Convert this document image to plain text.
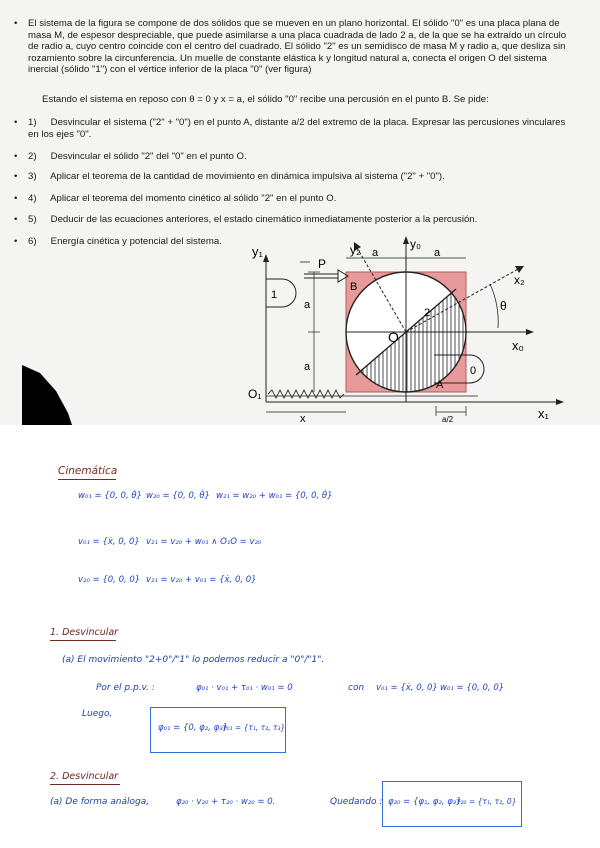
• El sistema de la figura se compone de dos sólidos que se mueven en un plano horizontal. El sólido "0" es una placa plana de masa M, de espesor despreciable, que puede asimilarse a una placa cuadrada de lado 2 a, de la que se ha extraído un círculo de radio a, cuyo centro coincide con el centro del cuadrado. El sólido "2" es un semidisco de masa M y radio a, que desliza sin rozamiento sobre la circunferencia. Un muelle de constante elástica k y longitud natural a, conecta el origen O del sistema inercial (sólido "1") con el vértice inferior de la placa "0" (ver figura)

Estando el sistema en reposo con θ = 0 y x = a, el sólido "0" recibe una percusión en el punto B. Se pide:

• 1) Desvincular el sistema ("2" + "0") en el punto A, distante a/2 del extremo de la placa. Expresar las percusiones vinculares en los ejes "0".
• 2) Desvincular el sólido "2" del "0" en el punto O.
• 3) Aplicar el teorema de la cantidad de movimiento en dinámica impulsiva al sistema ("2" + "0").
• 4) Aplicar el teorema del momento cinético al sólido "2" en el punto O.
• 5) Deducir de las ecuaciones anteriores, el estado cinemático inmediatamente posterior a la percusión.
• 6) Energía cinética y potencial del sistema.
y₁	y₀
y₂
x₀
x₁
x₂
P
B
A
O
O₁
a	a
a
a
x	a/2
θ
1
2
0
Cinemática
w₀₁ = {0, 0, θ̇} w₂₀ = {0, 0, θ̇} w₂₁ = w₂₀ + w₀₁ = {0, 0, θ̇}
v₀₁ = {ẋ, 0, 0} v₂₁ = v₂₀ + w₀₁ ∧ O₁O = v₂₀
v₂₀ = {0, 0, 0} v₂₁ = v₂₀ + v₀₁ = {ẋ, 0, 0}
1. Desvincular
(a) El movimiento "2+0"/"1" lo podemos reducir a "0"/"1".
Por el p.p.v. :	φ₀₁ · v₀₁ + τ₀₁ · w₀₁ = 0	con v₀₁ = {ẋ, 0, 0} w₀₁ = {0, 0, 0}
Luego,
φ₀₁ = {0, φ₂, φ₃}
τ₀₁ = {τ₁, τ₂, τ₃}
2. Desvincular
(a) De forma análoga,	φ₂₀ · v₂₀ + τ₂₀ · w₂₀ = 0.	Quedando : φ₂₀ = {φ₁, φ₂, φ₃}
τ₂₀ = {τ₁, τ₂, 0}
